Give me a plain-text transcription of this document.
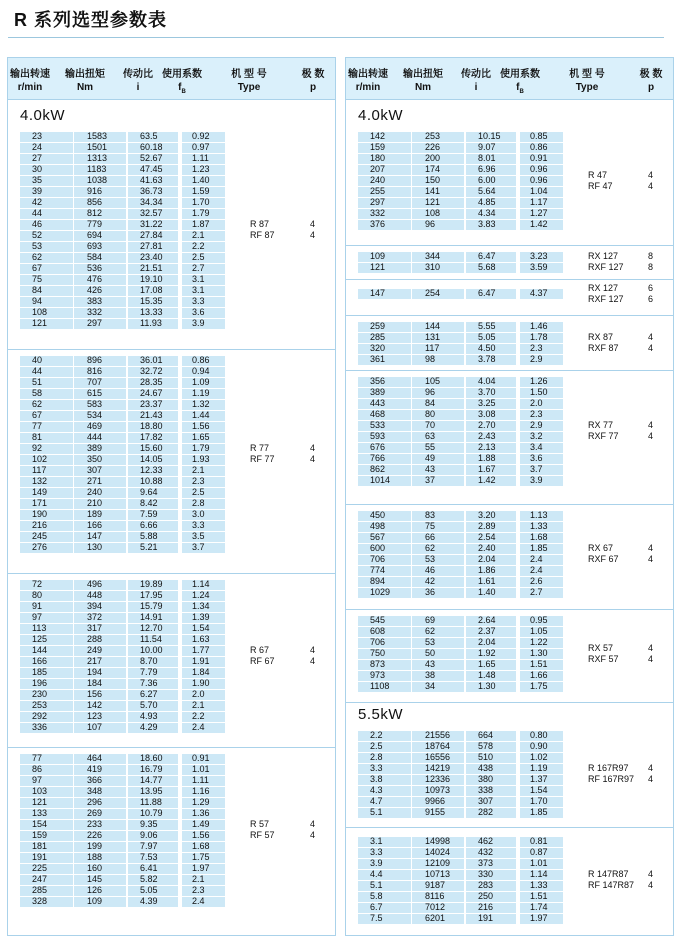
R 系列选型参数表
输出转速	输出扭矩	传动比 使用系数	机 型 号	极 数
r/min	Nm	i	$f_B$	Type	p
4.0kW
23	1583	63.5	0.92
24	1501	60.18	0.97
27	1313	52.67	1.11
30	1183	47.45	1.23
35	1038	41.63	1.40
39	916	36.73	1.59
42	856	34.34	1.70
44	812	32.57	1.79
46	779	31.22	1.87
52	694	27.84	2.1
53	693	27.81	2.2
62	584	23.40	2.5
67	536	21.51	2.7
75	476	19.10	3.1
84	426	17.08	3.1
94	383	15.35	3.3
108	332	13.33	3.6
121	297	11.93	3.9
R 87
RF 87
4
4
40	896	36.01	0.86
44	816	32.72	0.94
51	707	28.35	1.09
58	615	24.67	1.19
62	583	23.37	1.32
67	534	21.43	1.44
77	469	18.80	1.56
81	444	17.82	1.65
92	389	15.60	1.79
102	350	14.05	1.93
117	307	12.33	2.1
132	271	10.88	2.3
149	240	9.64	2.5
171	210	8.42	2.8
190	189	7.59	3.0
216	166	6.66	3.3
245	147	5.88	3.5
276	130	5.21	3.7
R 77
RF 77
4
4
72	496	19.89	1.14
80	448	17.95	1.24
91	394	15.79	1.34
97	372	14.91	1.39
113	317	12.70	1.54
125	288	11.54	1.63
144	249	10.00	1.77
166	217	8.70	1.91
185	194	7.79	1.84
196	184	7.36	1.90
230	156	6.27	2.0
253	142	5.70	2.1
292	123	4.93	2.2
336	107	4.29	2.4
R 67
RF 67
4
4
77	464	18.60	0.91
86	419	16.79	1.01
97	366	14.77	1.11
103	348	13.95	1.16
121	296	11.88	1.29
133	269	10.79	1.36
154	233	9.35	1.49
159	226	9.06	1.56
181	199	7.97	1.68
191	188	7.53	1.75
225	160	6.41	1.97
247	145	5.82	2.1
285	126	5.05	2.3
328	109	4.39	2.4
R 57
RF 57
4
4
输出转速	输出扭矩	传动比 使用系数	机 型 号	极 数
r/min	Nm	i	$f_B$	Type	p
4.0kW
142	253	10.15	0.85
159	226	9.07	0.86
180	200	8.01	0.91
207	174	6.96	0.96
240	150	6.00	0.96
255	141	5.64	1.04
297	121	4.85	1.17
332	108	4.34	1.27
376	96	3.83	1.42
R 47
RF 47
4
4
109	344	6.47	3.23
121	310	5.68	3.59
RX 127
RXF 127
8
8
147	254	6.47	4.37
RX 127
RXF 127
6
6
259	144	5.55	1.46
285	131	5.05	1.78
320	117	4.50	2.3
361	98	3.78	2.9
RX 87
RXF 87
4
4
356	105	4.04	1.26
389	96	3.70	1.50
443	84	3.25	2.0
468	80	3.08	2.3
533	70	2.70	2.9
593	63	2.43	3.2
676	55	2.13	3.4
766	49	1.88	3.6
862	43	1.67	3.7
1014	37	1.42	3.9
RX 77
RXF 77
4
4
450	83	3.20	1.13
498	75	2.89	1.33
567	66	2.54	1.68
600	62	2.40	1.85
706	53	2.04	2.4
774	46	1.86	2.4
894	42	1.61	2.6
1029	36	1.40	2.7
RX 67
RXF 67
4
4
545	69	2.64	0.95
608	62	2.37	1.05
706	53	2.04	1.22
750	50	1.92	1.30
873	43	1.65	1.51
973	38	1.48	1.66
1108	34	1.30	1.75
RX 57
RXF 57
4
4
2.2	21556	664	0.80
2.5	18764	578	0.90
2.8	16556	510	1.02
3.3	14219	438	1.19
3.8	12336	380	1.37
4.3	10973	338	1.54
4.7	9966	307	1.70
5.1	9155	282	1.85
R 167R97
RF 167R97
4
4
3.1	14998	462	0.81
3.3	14024	432	0.87
3.9	12109	373	1.01
4.4	10713	330	1.14
5.1	9187	283	1.33
5.8	8116	250	1.51
6.7	7012	216	1.74
7.5	6201	191	1.97
R 147R87
RF 147R87
4
4
5.5kW
